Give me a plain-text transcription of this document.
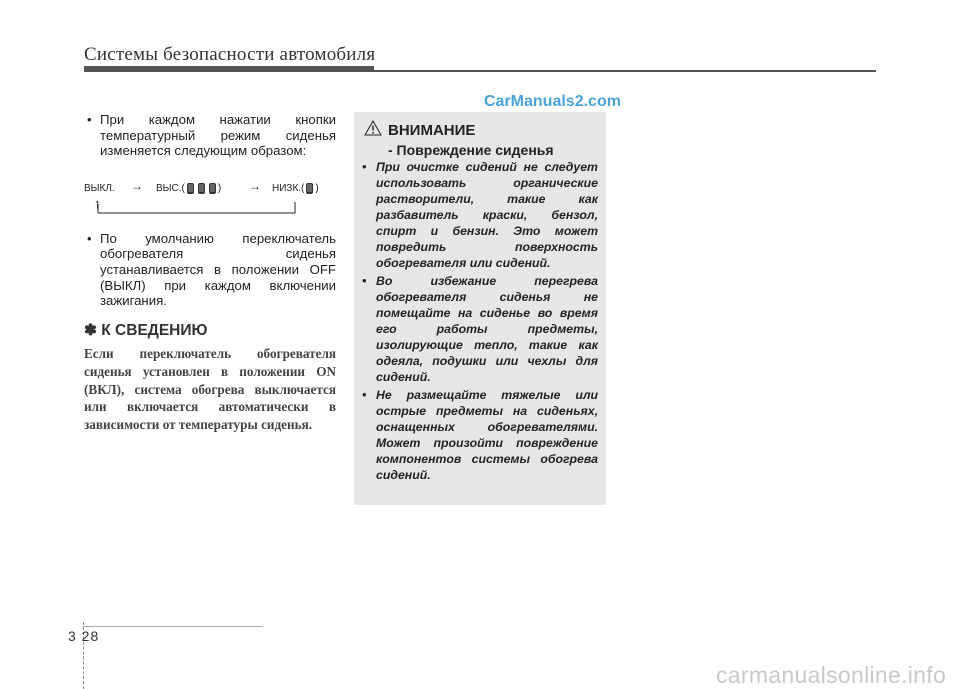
Системы безопасности автомобиля
CarManuals2.com
• При каждом нажатии кнопки температурный режим сиденья изменяется следующим образом:
ВЫКЛ. → ВЫС.(	) → НИЗК.( )
↑
• По умолчанию переключатель обогревателя сиденья устанавливается в положении OFF (ВЫКЛ) при каждом включении зажигания.
✽ К СВЕДЕНИЮ
Если переключатель обогревателя сиденья установлен в положении ON (ВКЛ), система обогрева выключается или включается автоматически в зависимости от температуры сиденья.
ВНИМАНИЕ
- Повреждение сиденья
• При очистке сидений не следует использовать органические растворители, такие как разбавитель краски, бензол, спирт и бензин. Это может повредить поверхность обогревателя или сидений.
• Во избежание перегрева обогревателя сиденья не помещайте на сиденье во время его работы предметы, изолирующие тепло, такие как одеяла, подушки или чехлы для сидений.
• Не размещайте тяжелые или острые предметы на сиденьях, оснащенных обогревателями. Может произойти повреждение компонентов системы обогрева сидений.
3 28
carmanualsonline.info
